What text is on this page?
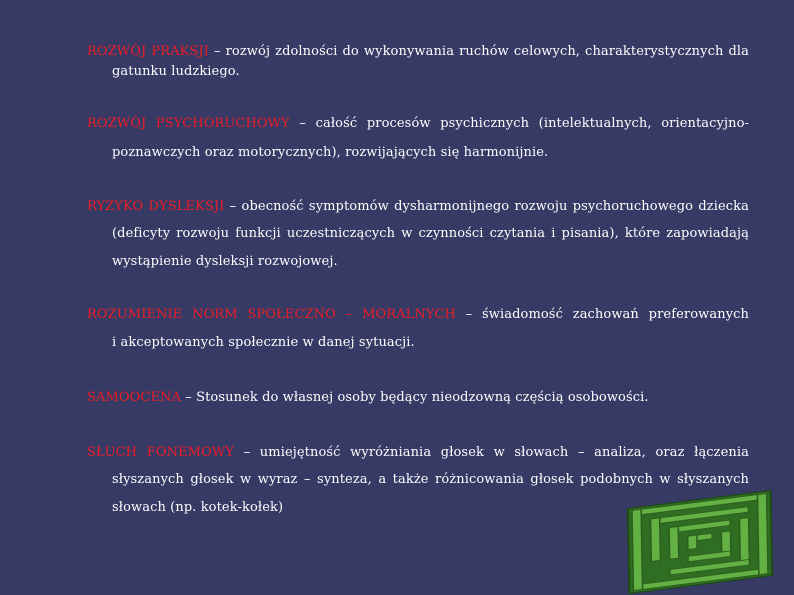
ROZWÓJ PRAKSJI – rozwój zdolności do wykonywania ruchów celowych, charakterystycznych dla
gatunku ludzkiego.
ROZWÓJ PSYCHORUCHOWY – całość procesów psychicznych (intelektualnych, orientacyjno-
poznawczych oraz motorycznych), rozwijających się harmonijnie.
RYZYKO DYSLEKSJI – obecność symptomów dysharmonijnego rozwoju psychoruchowego dziecka
(deficyty rozwoju funkcji uczestniczących w czynności czytania i pisania), które zapowiadają
wystąpienie dysleksji rozwojowej.
ROZUMIENIE NORM SPOŁECZNO – MORALNYCH – świadomość zachowań preferowanych
i akceptowanych społecznie w danej sytuacji.
SAMOOCENA – Stosunek do własnej osoby będący nieodzowną częścią osobowości.
SŁUCH FONEMOWY – umiejętność wyróżniania głosek w słowach – analiza, oraz łączenia
słyszanych głosek w wyraz – synteza, a także różnicowania głosek podobnych w słyszanych
słowach (np. kotek-kołek)
